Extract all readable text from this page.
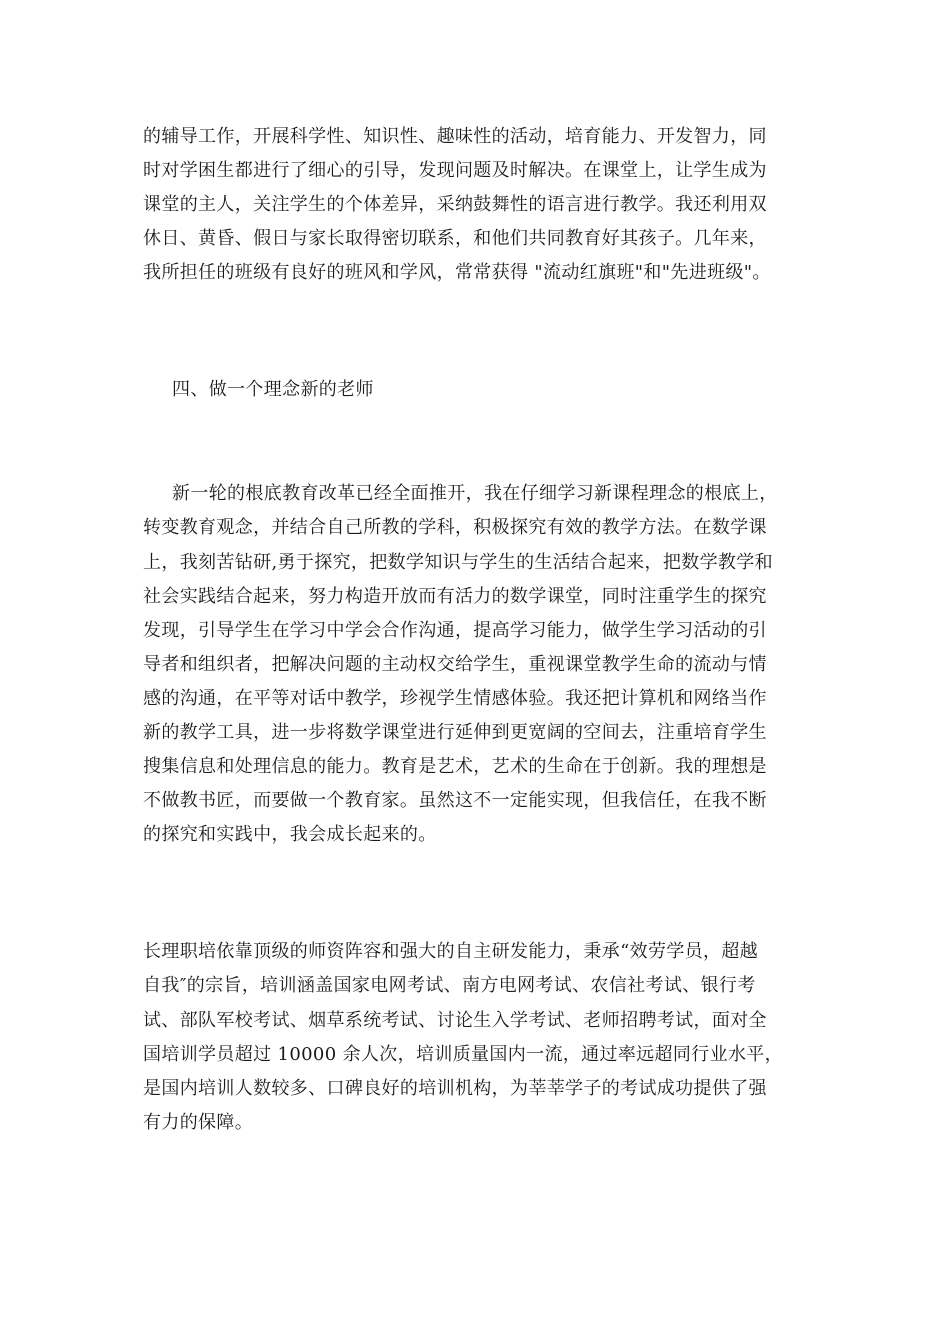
的辅导工作，开展科学性、知识性、趣味性的活动，培育能力、开发智力，同
时对学困生都进行了细心的引导，发现问题及时解决。在课堂上，让学生成为
课堂的主人，关注学生的个体差异，采纳鼓舞性的语言进行教学。我还利用双
休日、黄昏、假日与家长取得密切联系，和他们共同教育好其孩子。几年来，
我所担任的班级有良好的班风和学风，常常获得 "流动红旗班"和"先进班级"。
四、做一个理念新的老师
新一轮的根底教育改革已经全面推开，我在仔细学习新课程理念的根底上，
转变教育观念，并结合自己所教的学科，积极探究有效的教学方法。在数学课
上，我刻苦钻研,勇于探究，把数学知识与学生的生活结合起来，把数学教学和
社会实践结合起来，努力构造开放而有活力的数学课堂，同时注重学生的探究
发现，引导学生在学习中学会合作沟通，提高学习能力，做学生学习活动的引
导者和组织者，把解决问题的主动权交给学生，重视课堂教学生命的流动与情
感的沟通，在平等对话中教学，珍视学生情感体验。我还把计算机和网络当作
新的教学工具，进一步将数学课堂进行延伸到更宽阔的空间去，注重培育学生
搜集信息和处理信息的能力。教育是艺术，艺术的生命在于创新。我的理想是
不做教书匠，而要做一个教育家。虽然这不一定能实现，但我信任，在我不断
的探究和实践中，我会成长起来的。
长理职培依靠顶级的师资阵容和强大的自主研发能力，秉承“效劳学员，超越
自我″的宗旨，培训涵盖国家电网考试、南方电网考试、农信社考试、银行考
试、部队军校考试、烟草系统考试、讨论生入学考试、老师招聘考试，面对全
国培训学员超过 10000 余人次，培训质量国内一流，通过率远超同行业水平，
是国内培训人数较多、口碑良好的培训机构，为莘莘学子的考试成功提供了强
有力的保障。
